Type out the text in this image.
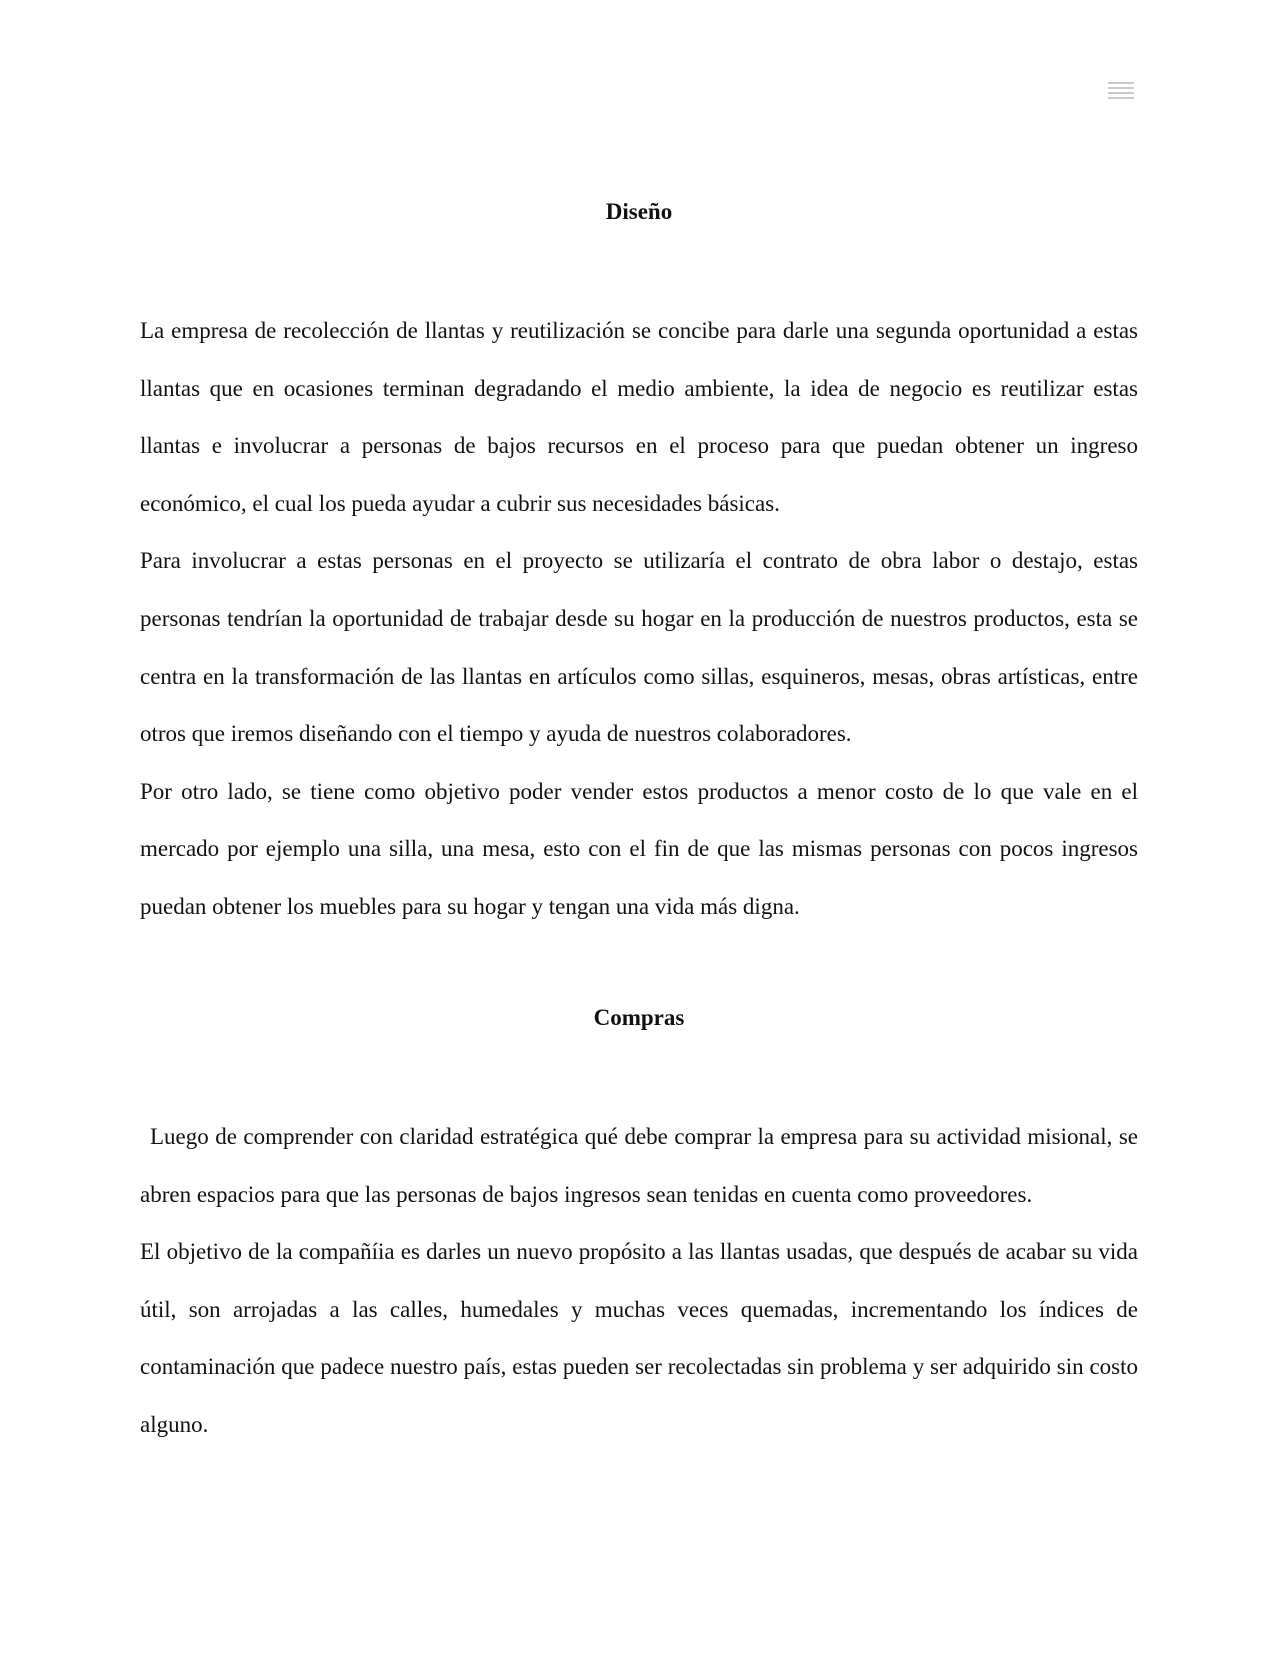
Diseño

La empresa de recolección de llantas y reutilización se concibe para darle una segunda oportunidad a estas llantas que en ocasiones terminan degradando el medio ambiente, la idea de negocio es reutilizar estas llantas e involucrar a personas de bajos recursos en el proceso para que puedan obtener un ingreso económico, el cual los pueda ayudar a cubrir sus necesidades básicas.

Para involucrar a estas personas en el proyecto se utilizaría el contrato de obra labor o destajo, estas personas tendrían la oportunidad de trabajar desde su hogar en la producción de nuestros productos, esta se centra en la transformación de las llantas en artículos como sillas, esquineros, mesas, obras artísticas, entre otros que iremos diseñando con el tiempo y ayuda de nuestros colaboradores.

Por otro lado, se tiene como objetivo poder vender estos productos a menor costo de lo que vale en el mercado por ejemplo una silla, una mesa, esto con el fin de que las mismas personas con pocos ingresos puedan obtener los muebles para su hogar y tengan una vida más digna.

Compras

Luego de comprender con claridad estratégica qué debe comprar la empresa para su actividad misional, se abren espacios para que las personas de bajos ingresos sean tenidas en cuenta como proveedores.

El objetivo de la compañíia es darles un nuevo propósito a las llantas usadas, que después de acabar su vida útil, son arrojadas a las calles, humedales y muchas veces quemadas, incrementando los índices de contaminación que padece nuestro país, estas pueden ser recolectadas sin problema y ser adquirido sin costo alguno.
